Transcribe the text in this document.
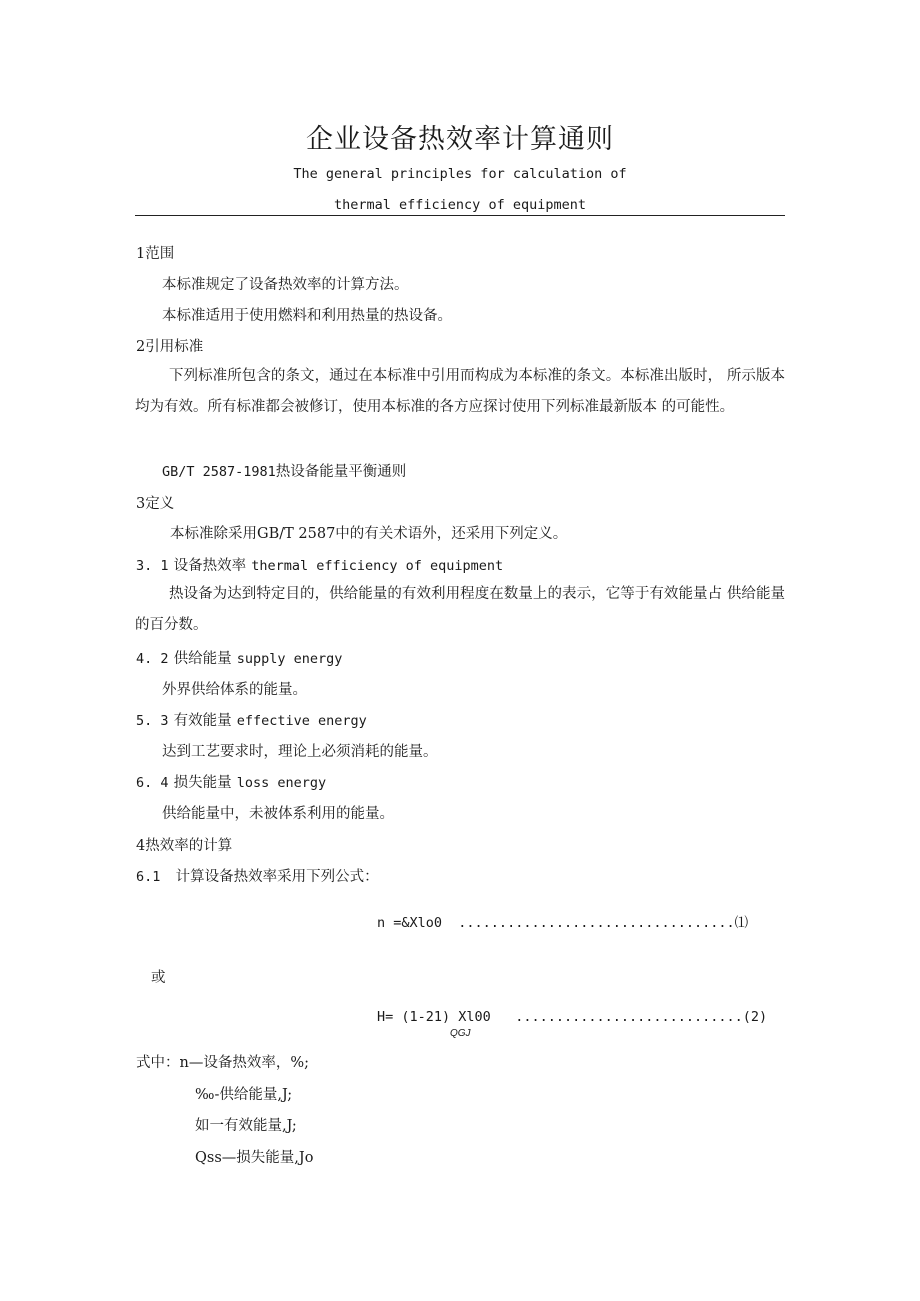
企业设备热效率计算通则
The general principles for calculation of
thermal efficiency of equipment
1范围
本标准规定了设备热效率的计算方法。
本标准适用于使用燃料和利用热量的热设备。
2引用标准
下列标准所包含的条文，通过在本标准中引用而构成为本标准的条文。本标准出版时， 所示版本均为有效。所有标准都会被修订，使用本标准的各方应探讨使用下列标准最新版本 的可能性。
GB/T 2587-1981热设备能量平衡通则
3定义
本标准除采用GB/T 2587中的有关术语外，还采用下列定义。
3. 1 设备热效率 thermal efficiency of equipment
热设备为达到特定目的，供给能量的有效利用程度在数量上的表示，它等于有效能量占 供给能量的百分数。
4. 2 供给能量 supply energy
外界供给体系的能量。
5. 3 有效能量 effective energy
达到工艺要求时，理论上必须消耗的能量。
6. 4 损失能量 loss energy
供给能量中，未被体系利用的能量。
4热效率的计算
6.1 计算设备热效率采用下列公式：
n =&Xlo0 ..................................⑴
或
H= (1-21) Xl00 ............................(2)
QGJ
式中：n—设备热效率，%;
‰-供给能量,J;
如一有效能量,J;
Qss—损失能量,Jo
